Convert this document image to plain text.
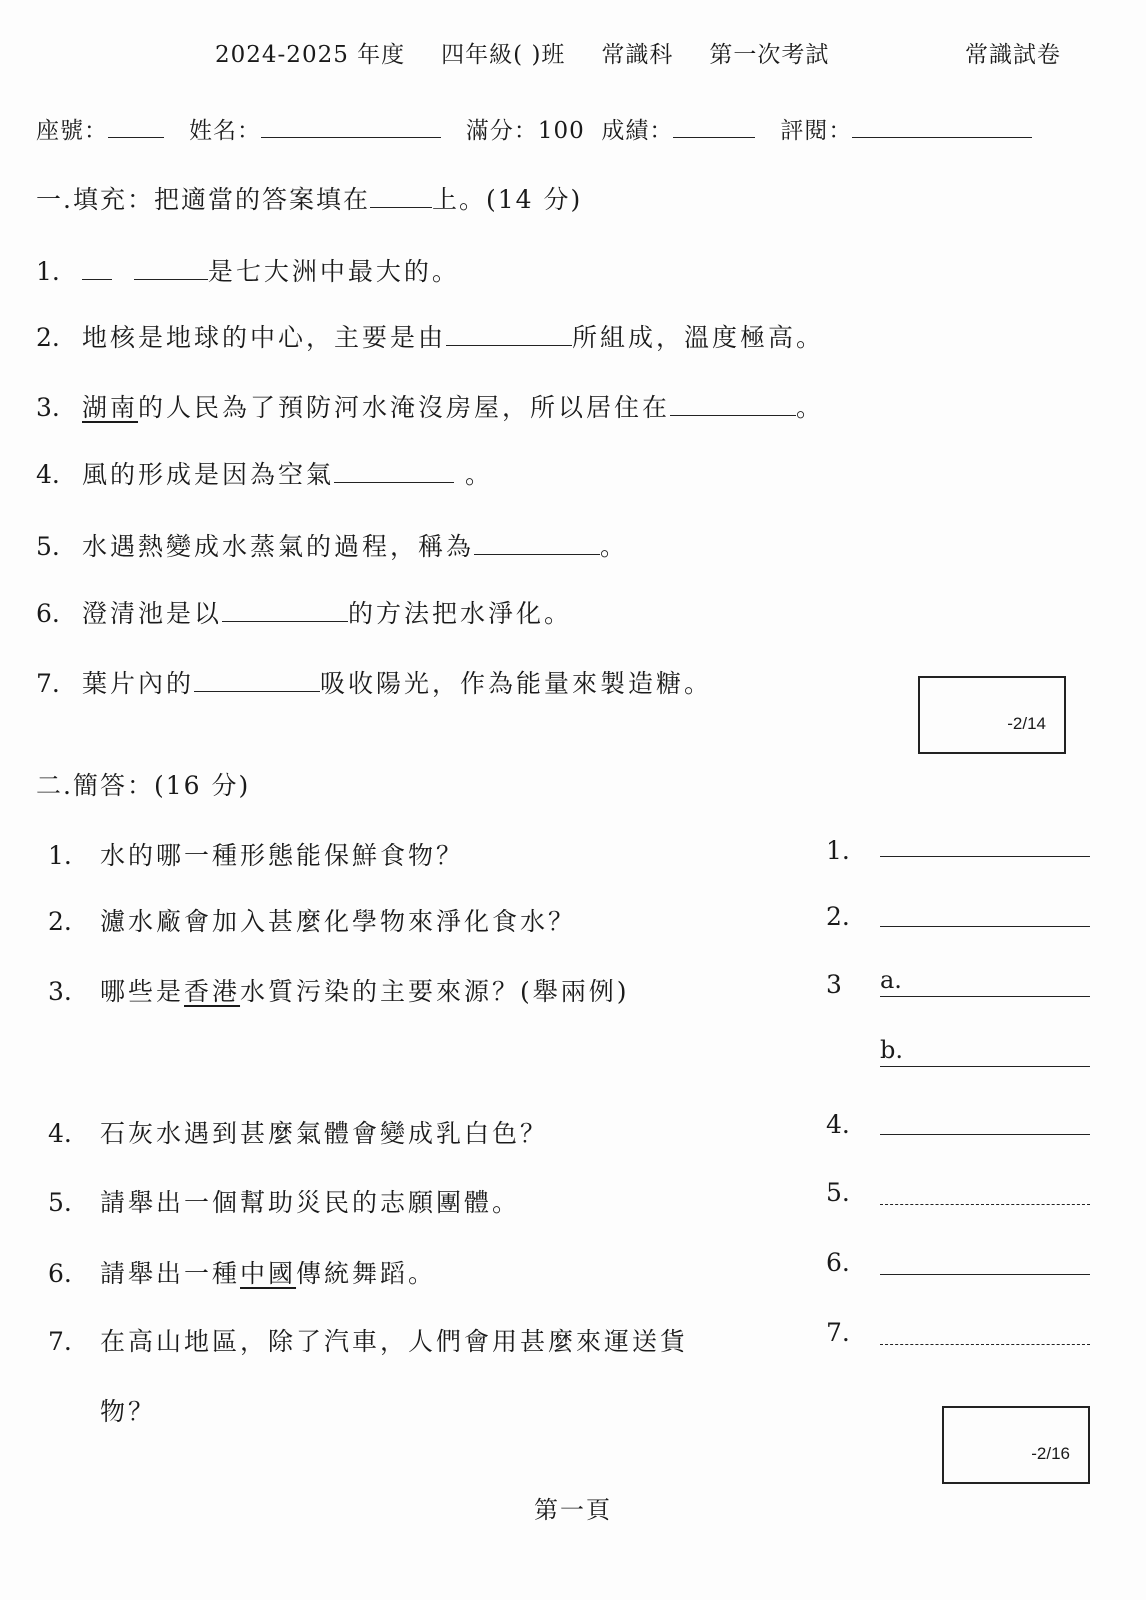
2024-2025 年度 四年級( )班 常識科 第一次考試	常識試卷
座號：	姓名：	滿分：100 成績：	評閱：
一.填充：把適當的答案填在 上。(14 分)
1.	是七大洲中最大的。
2. 地核是地球的中心，主要是由	所組成，溫度極高。
3. 湖南的人民為了預防河水淹沒房屋，所以居住在	。
4. 風的形成是因為空氣	。
5. 水遇熱變成水蒸氣的過程，稱為	。
6. 澄清池是以	的方法把水淨化。
7. 葉片內的	吸收陽光，作為能量來製造糖。
-2/14
二.簡答：(16 分)
1. 水的哪一種形態能保鮮食物？	1.
2. 濾水廠會加入甚麼化學物來淨化食水？	2.
3. 哪些是香港水質污染的主要來源？(舉兩例)	3 a.
b.
4. 石灰水遇到甚麼氣體會變成乳白色？	4.
5. 請舉出一個幫助災民的志願團體。	5.
6. 請舉出一種中國傳統舞蹈。	6.
7. 在高山地區，除了汽車，人們會用甚麼來運送貨
物？
7.
-2/16
第一頁
